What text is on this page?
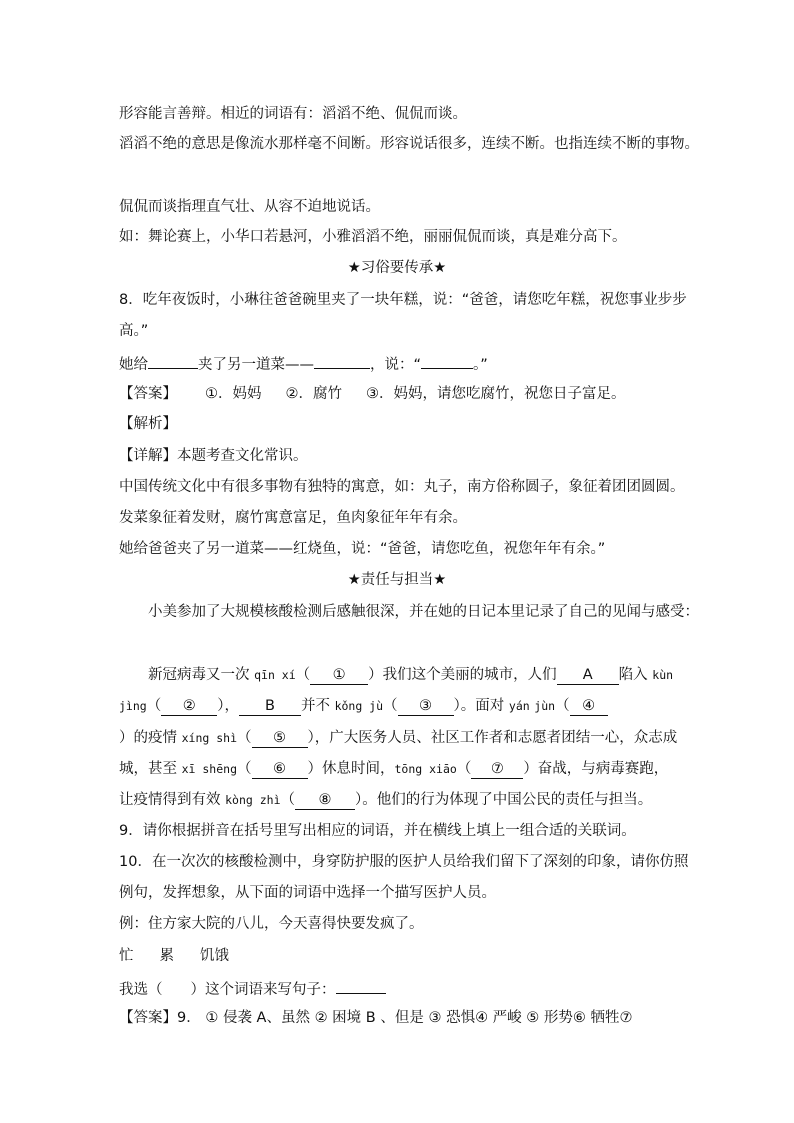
形容能言善辩。相近的词语有：滔滔不绝、侃侃而谈。
滔滔不绝的意思是像流水那样毫不间断。形容说话很多，连续不断。也指连续不断的事物。
侃侃而谈指理直气壮、从容不迫地说话。
如：舞论赛上，小华口若悬河，小雅滔滔不绝，丽丽侃侃而谈，真是难分高下。
★习俗要传承★
8．吃年夜饭时，小琳往爸爸碗里夹了一块年糕，说：“爸爸，请您吃年糕，祝您事业步步
高。”
她给	夹了另一道菜——	，说：“	。”
【答案】 ①．妈妈 ②．腐竹 ③．妈妈，请您吃腐竹，祝您日子富足。
【解析】
【详解】本题考查文化常识。
中国传统文化中有很多事物有独特的寓意，如：丸子，南方俗称圆子，象征着团团圆圆。
发菜象征着发财，腐竹寓意富足，鱼肉象征年年有余。
她给爸爸夹了另一道菜——红烧鱼，说：“爸爸，请您吃鱼，祝您年年有余。”
★责任与担当★
小美参加了大规模核酸检测后感触很深，并在她的日记本里记录了自己的见闻与感受：
新冠病毒又一次 qīn xí（ ① ）我们这个美丽的城市，人们 A 陷入 kùn
jìng（ ② ）， B 并不 kǒng jù（ ③ ）。面对 yán jùn（ ④
）的疫情 xíng shì（ ⑤ ），广大医务人员、社区工作者和志愿者团结一心，众志成
城，甚至 xī shēng（ ⑥ ）休息时间，tōng xiāo（ ⑦ ）奋战，与病毒赛跑，
让疫情得到有效 kòng zhì（ ⑧ ）。他们的行为体现了中国公民的责任与担当。
9．请你根据拼音在括号里写出相应的词语，并在横线上填上一组合适的关联词。
10．在一次次的核酸检测中，身穿防护服的医护人员给我们留下了深刻的印象，请你仿照
例句，发挥想象，从下面的词语中选择一个描写医护人员。
例：住方家大院的八儿，今天喜得快要发疯了。
忙 累 饥饿
我选（ ）这个词语来写句子：
【答案】9． ① 侵袭 A、虽然 ② 困境 B 、但是 ③ 恐惧④ 严峻 ⑤ 形势⑥ 牺牲⑦
